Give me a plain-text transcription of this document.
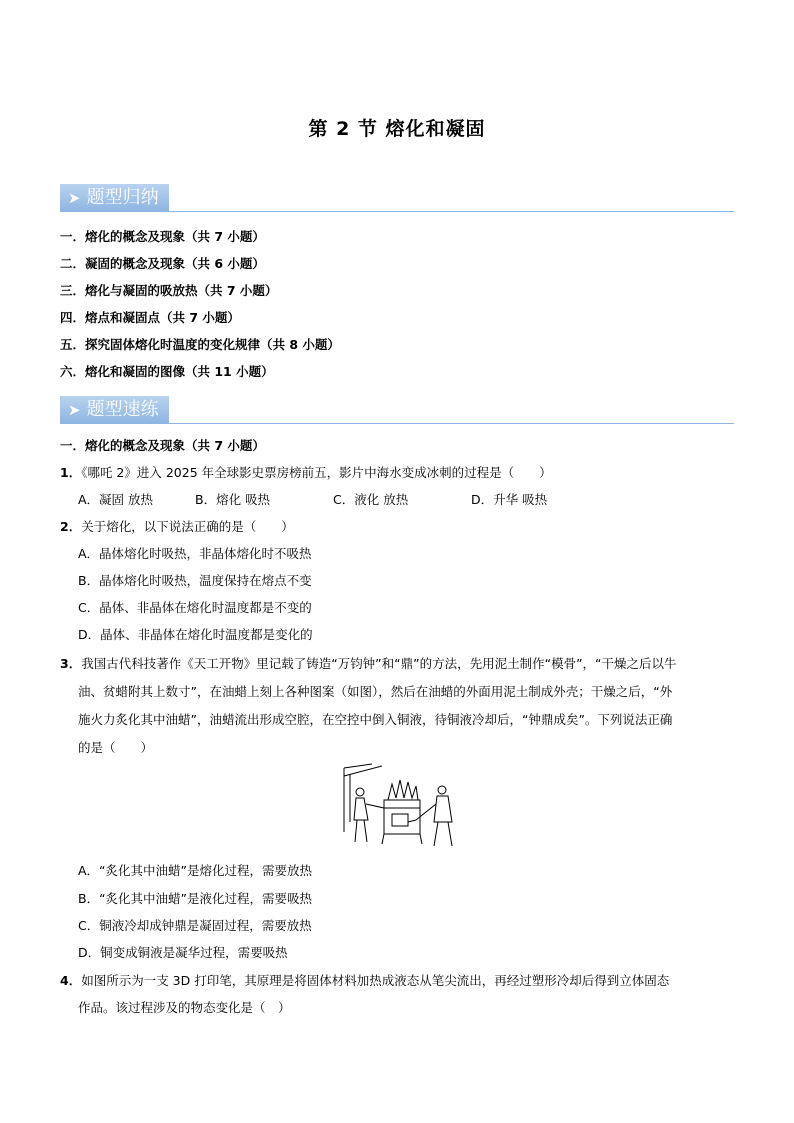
第 2 节 熔化和凝固
➤ 题型归纳
一．熔化的概念及现象（共 7 小题）
二．凝固的概念及现象（共 6 小题）
三．熔化与凝固的吸放热（共 7 小题）
四．熔点和凝固点（共 7 小题）
五．探究固体熔化时温度的变化规律（共 8 小题）
六．熔化和凝固的图像（共 11 小题）
➤ 题型速练
一．熔化的概念及现象（共 7 小题）
1．《哪吒 2》进入 2025 年全球影史票房榜前五，影片中海水变成冰刺的过程是（　　）
A．凝固 放热	B．熔化 吸热	C．液化 放热	D．升华 吸热
2．关于熔化，以下说法正确的是（　　）
A．晶体熔化时吸热，非晶体熔化时不吸热
B．晶体熔化时吸热，温度保持在熔点不变
C．晶体、非晶体在熔化时温度都是不变的
D．晶体、非晶体在熔化时温度都是变化的
3．我国古代科技著作《天工开物》里记载了铸造“万钧钟”和“鼎”的方法，先用泥土制作“模骨”，“干燥之后以牛
油、贫蜡附其上数寸”，在油蜡上刻上各种图案（如图），然后在油蜡的外面用泥土制成外壳；干燥之后，“外
施火力炙化其中油蜡”，油蜡流出形成空腔，在空控中倒入铜液，待铜液冷却后，“钟鼎成矣”。下列说法正确
的是（　　）
A．“炙化其中油蜡”是熔化过程，需要放热
B．“炙化其中油蜡”是液化过程，需要吸热
C．铜液冷却成钟鼎是凝固过程，需要放热
D．铜变成铜液是凝华过程，需要吸热
4．如图所示为一支 3D 打印笔，其原理是将固体材料加热成液态从笔尖流出，再经过塑形冷却后得到立体固态
作品。该过程涉及的物态变化是（　）
